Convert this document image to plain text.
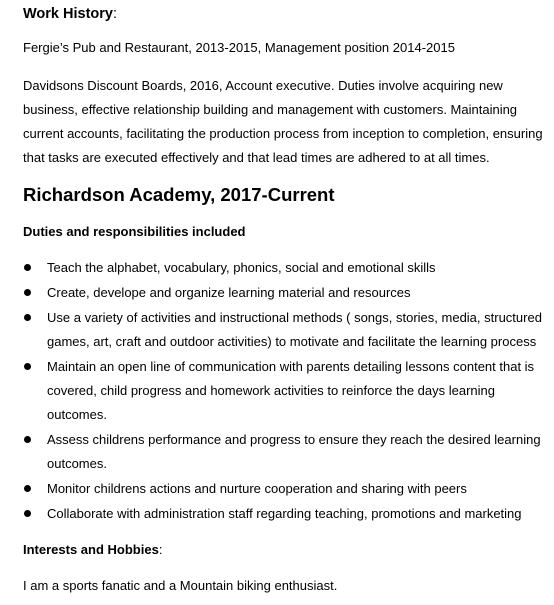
Work History:
Fergie’s Pub and Restaurant, 2013-2015, Management position 2014-2015
Davidsons Discount Boards, 2016, Account executive. Duties involve acquiring new
business, effective relationship building and management with customers. Maintaining
current accounts, facilitating the production process from inception to completion, ensuring
that tasks are executed effectively and that lead times are adhered to at all times.
Richardson Academy, 2017-Current
Duties and responsibilities included
Teach the alphabet, vocabulary, phonics, social and emotional skills
Create, develope and organize learning material and resources
Use a variety of activities and instructional methods ( songs, stories, media, structured
games, art, craft and outdoor activities) to motivate and facilitate the learning process
Maintain an open line of communication with parents detailing lessons content that is
covered, child progress and homework activities to reinforce the days learning
outcomes.
Assess childrens performance and progress to ensure they reach the desired learning
outcomes.
Monitor childrens actions and nurture cooperation and sharing with peers
Collaborate with administration staff regarding teaching, promotions and marketing
Interests and Hobbies:
I am a sports fanatic and a Mountain biking enthusiast.
